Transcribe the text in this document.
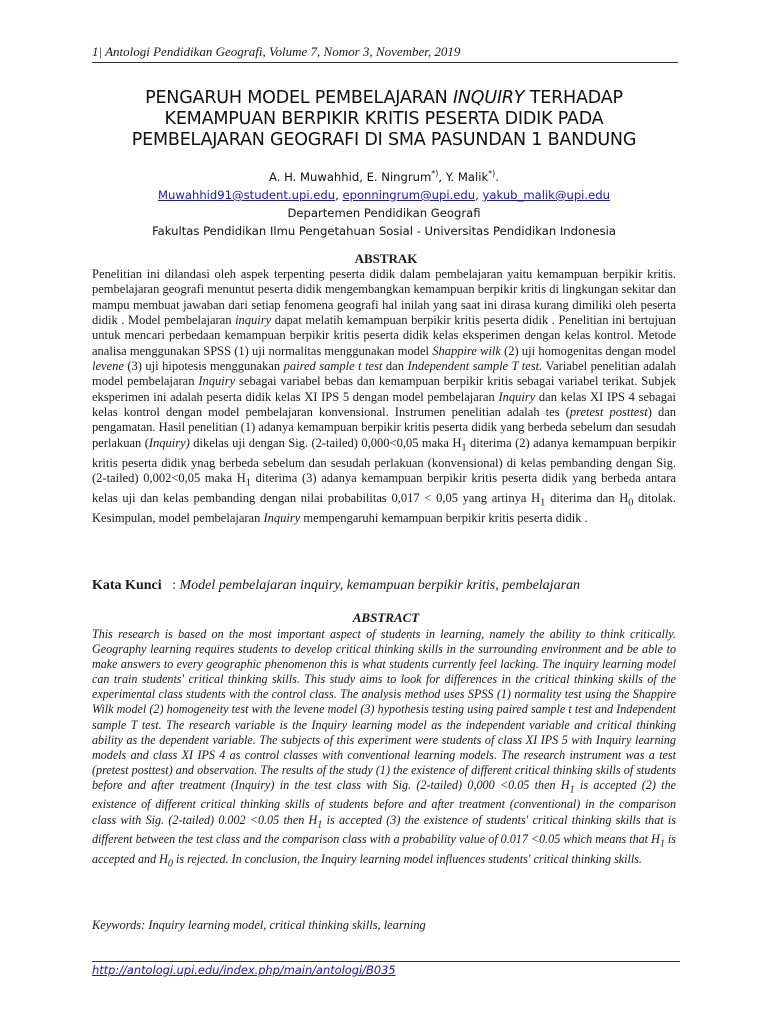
1| Antologi Pendidikan Geografi, Volume 7, Nomor 3, November, 2019
PENGARUH MODEL PEMBELAJARAN INQUIRY TERHADAP
KEMAMPUAN BERPIKIR KRITIS PESERTA DIDIK PADA
PEMBELAJARAN GEOGRAFI DI SMA PASUNDAN 1 BANDUNG
A. H. Muwahhid, E. Ningrum*), Y. Malik*).
Muwahhid91@student.upi.edu, eponningrum@upi.edu, yakub_malik@upi.edu
Departemen Pendidikan Geografi
Fakultas Pendidikan Ilmu Pengetahuan Sosial - Universitas Pendidikan Indonesia
ABSTRAK

Penelitian ini dilandasi oleh aspek terpenting peserta didik dalam pembelajaran yaitu kemampuan berpikir kritis. pembelajaran geografi menuntut peserta didik mengembangkan kemampuan berpikir kritis di lingkungan sekitar dan mampu membuat jawaban dari setiap fenomena geografi hal inilah yang saat ini dirasa kurang dimiliki oleh peserta didik . Model pembelajaran inquiry dapat melatih kemampuan berpikir kritis peserta didik . Penelitian ini bertujuan untuk mencari perbedaan kemampuan berpikir kritis peserta didik kelas eksperimen dengan kelas kontrol. Metode analisa menggunakan SPSS (1) uji normalitas menggunakan model Shappire wilk (2) uji homogenitas dengan model levene (3) uji hipotesis menggunakan paired sample t test dan Independent sample T test. Variabel penelitian adalah model pembelajaran Inquiry sebagai variabel bebas dan kemampuan berpikir kritis sebagai variabel terikat. Subjek eksperimen ini adalah peserta didik kelas XI IPS 5 dengan model pembelajaran Inquiry dan kelas XI IPS 4 sebagai kelas kontrol dengan model pembelajaran konvensional. Instrumen penelitian adalah tes (pretest posttest) dan pengamatan. Hasil penelitian (1) adanya kemampuan berpikir kritis peserta didik yang berbeda sebelum dan sesudah perlakuan (Inquiry) dikelas uji dengan Sig. (2-tailed) 0,000<0,05 maka $H_1$ diterima (2) adanya kemampuan berpikir kritis peserta didik ynag berbeda sebelum dan sesudah perlakuan (konvensional) di kelas pembanding dengan Sig. (2-tailed) 0,002<0,05 maka $H_1$ diterima (3) adanya kemampuan berpikir kritis peserta didik yang berbeda antara kelas uji dan kelas pembanding dengan nilai probabilitas 0,017 < 0,05 yang artinya $H_1$ diterima dan $H_0$ ditolak. Kesimpulan, model pembelajaran Inquiry mempengaruhi kemampuan berpikir kritis peserta didik .

Kata Kunci   : Model pembelajaran inquiry, kemampuan berpikir kritis, pembelajaran
ABSTRACT

This research is based on the most important aspect of students in learning, namely the ability to think critically. Geography learning requires students to develop critical thinking skills in the surrounding environment and be able to make answers to every geographic phenomenon this is what students currently feel lacking. The inquiry learning model can train students' critical thinking skills. This study aims to look for differences in the critical thinking skills of the experimental class students with the control class. The analysis method uses SPSS (1) normality test using the Shappire Wilk model (2) homogeneity test with the levene model (3) hypothesis testing using paired sample t test and Independent sample T test. The research variable is the Inquiry learning model as the independent variable and critical thinking ability as the dependent variable. The subjects of this experiment were students of class XI IPS 5 with Inquiry learning models and class XI IPS 4 as control classes with conventional learning models. The research instrument was a test (pretest posttest) and observation. The results of the study (1) the existence of different critical thinking skills of students before and after treatment (Inquiry) in the test class with Sig. (2-tailed) 0,000 <0.05 then $H_1$ is accepted (2) the existence of different critical thinking skills of students before and after treatment (conventional) in the comparison class with Sig. (2-tailed) 0.002 <0.05 then $H_1$ is accepted (3) the existence of students' critical thinking skills that is different between the test class and the comparison class with a probability value of 0.017 <0.05 which means that $H_1$ is accepted and $H_0$ is rejected. In conclusion, the Inquiry learning model influences students' critical thinking skills.

Keywords: Inquiry learning model, critical thinking skills, learning
http://antologi.upi.edu/index.php/main/antologi/B035
